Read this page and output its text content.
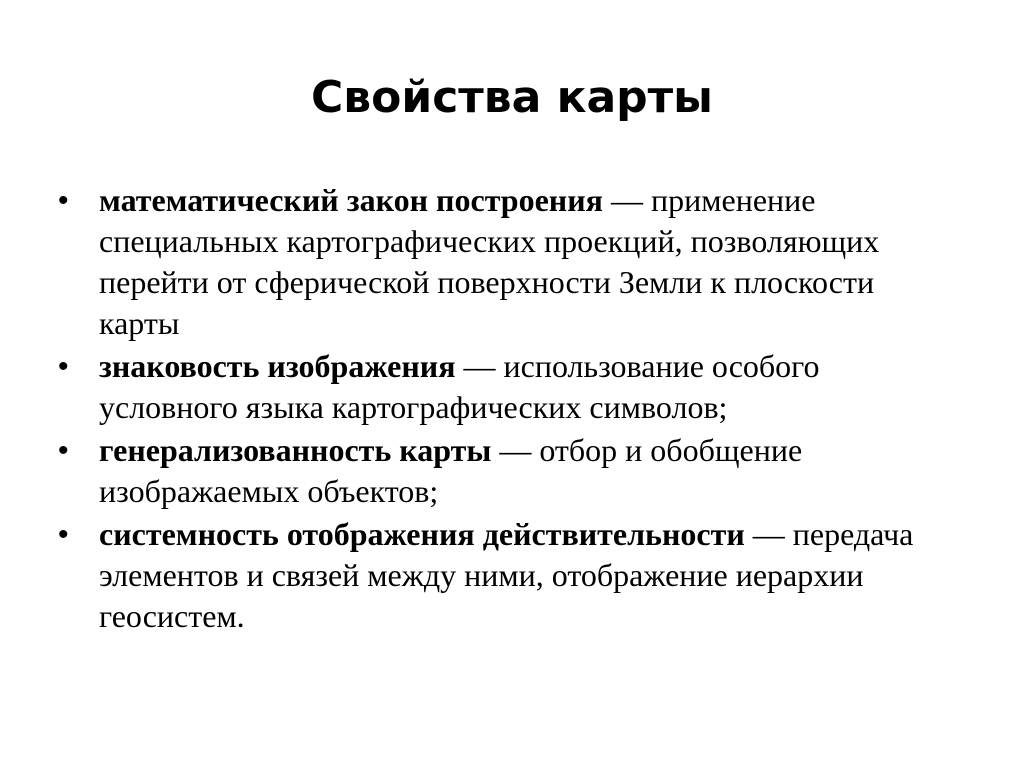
Свойства карты
• математический закон построения — применение специальных картографических проекций, позволяющих перейти от сферической поверхности Земли к плоскости карты
• знаковость изображения — использование особого условного языка картографических символов;
• генерализованность карты — отбор и обобщение изображаемых объектов;
• системность отображения действительности — передача элементов и связей между ними, отображение иерархии геосистем.
